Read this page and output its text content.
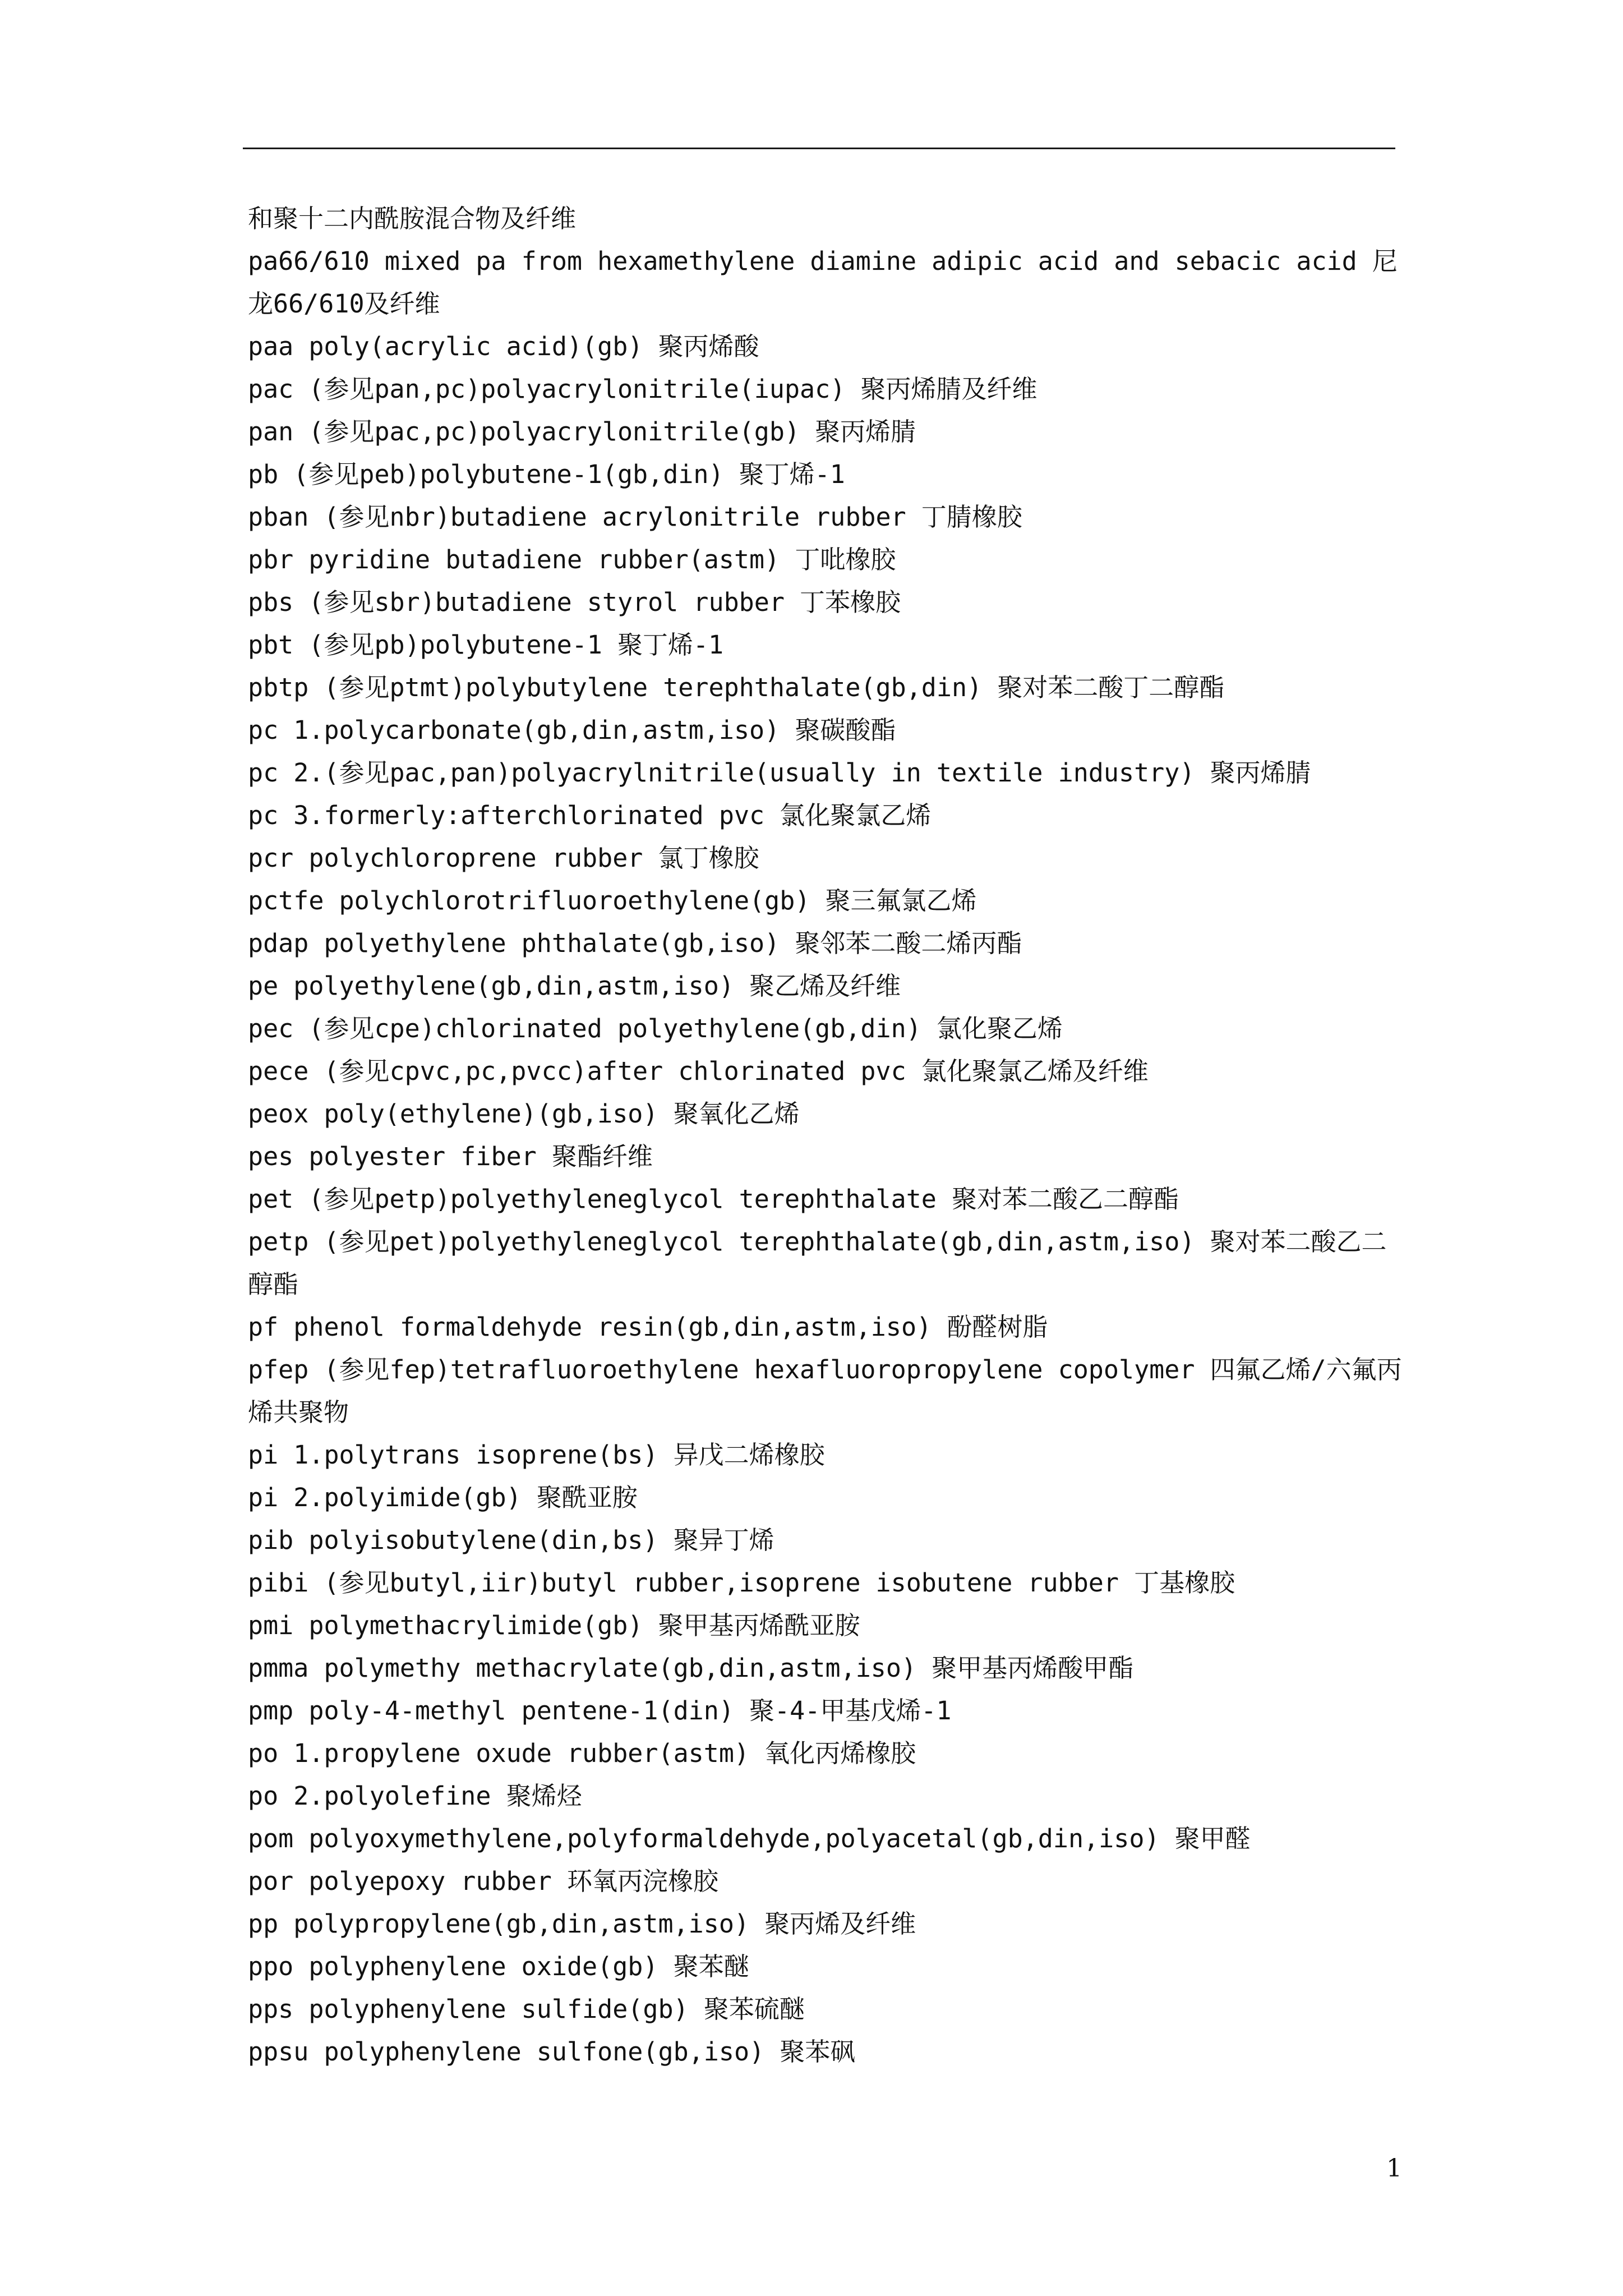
和聚十二内酰胺混合物及纤维

pa66/610 mixed pa from hexamethylene diamine adipic acid and sebacic acid 尼龙66/610及纤维

paa poly(acrylic acid)(gb) 聚丙烯酸

pac (参见pan,pc)polyacrylonitrile(iupac) 聚丙烯腈及纤维

pan (参见pac,pc)polyacrylonitrile(gb) 聚丙烯腈

pb (参见peb)polybutene-1(gb,din) 聚丁烯-1

pban (参见nbr)butadiene acrylonitrile rubber 丁腈橡胶

pbr pyridine butadiene rubber(astm) 丁吡橡胶

pbs (参见sbr)butadiene styrol rubber 丁苯橡胶

pbt (参见pb)polybutene-1 聚丁烯-1

pbtp (参见ptmt)polybutylene terephthalate(gb,din) 聚对苯二酸丁二醇酯

pc 1.polycarbonate(gb,din,astm,iso) 聚碳酸酯

pc 2.(参见pac,pan)polyacrylnitrile(usually in textile industry) 聚丙烯腈

pc 3.formerly:afterchlorinated pvc 氯化聚氯乙烯

pcr polychloroprene rubber 氯丁橡胶

pctfe polychlorotrifluoroethylene(gb) 聚三氟氯乙烯

pdap polyethylene phthalate(gb,iso) 聚邻苯二酸二烯丙酯

pe polyethylene(gb,din,astm,iso) 聚乙烯及纤维

pec (参见cpe)chlorinated polyethylene(gb,din) 氯化聚乙烯

pece (参见cpvc,pc,pvcc)after chlorinated pvc 氯化聚氯乙烯及纤维

peox poly(ethylene)(gb,iso) 聚氧化乙烯

pes polyester fiber 聚酯纤维

pet (参见petp)polyethyleneglycol terephthalate 聚对苯二酸乙二醇酯

petp (参见pet)polyethyleneglycol terephthalate(gb,din,astm,iso) 聚对苯二酸乙二醇酯

pf phenol formaldehyde resin(gb,din,astm,iso) 酚醛树脂

pfep (参见fep)tetrafluoroethylene hexafluoropropylene copolymer 四氟乙烯/六氟丙烯共聚物

pi 1.polytrans isoprene(bs) 异戊二烯橡胶

pi 2.polyimide(gb) 聚酰亚胺

pib polyisobutylene(din,bs) 聚异丁烯

pibi (参见butyl,iir)butyl rubber,isoprene isobutene rubber 丁基橡胶

pmi polymethacrylimide(gb) 聚甲基丙烯酰亚胺

pmma polymethy methacrylate(gb,din,astm,iso) 聚甲基丙烯酸甲酯

pmp poly-4-methyl pentene-1(din) 聚-4-甲基戊烯-1

po 1.propylene oxude rubber(astm) 氧化丙烯橡胶

po 2.polyolefine 聚烯烃

pom polyoxymethylene,polyformaldehyde,polyacetal(gb,din,iso) 聚甲醛

por polyepoxy rubber 环氧丙浣橡胶

pp polypropylene(gb,din,astm,iso) 聚丙烯及纤维

ppo polyphenylene oxide(gb) 聚苯醚

pps polyphenylene sulfide(gb) 聚苯硫醚

ppsu polyphenylene sulfone(gb,iso) 聚苯砜

1
